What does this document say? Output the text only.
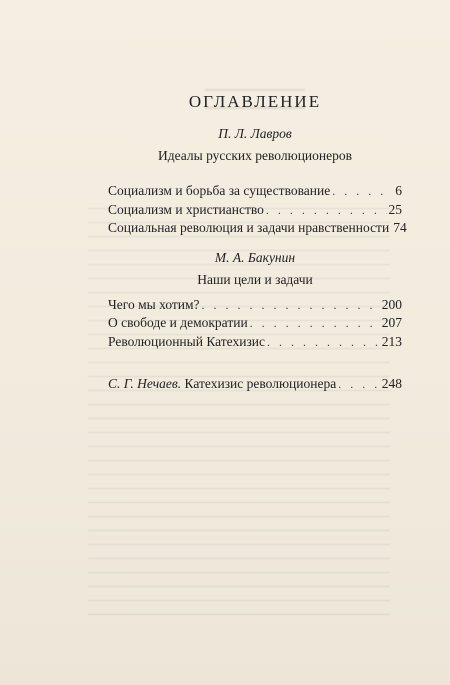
ОГЛАВЛЕНИЕ
П. Л. Лавров
Идеалы русских революционеров
Социализм и борьба за существование . . .	6
Социализм и христианство . . .	25
Социальная революция и задачи нравственности 74
М. А. Бакунин
Наши цели и задачи
Чего мы хотим? . . .	200
О свободе и демократии . . .	207
Революционный Катехизис . . .	213
С. Г. Нечаев. Катехизис революционера . . .	248
